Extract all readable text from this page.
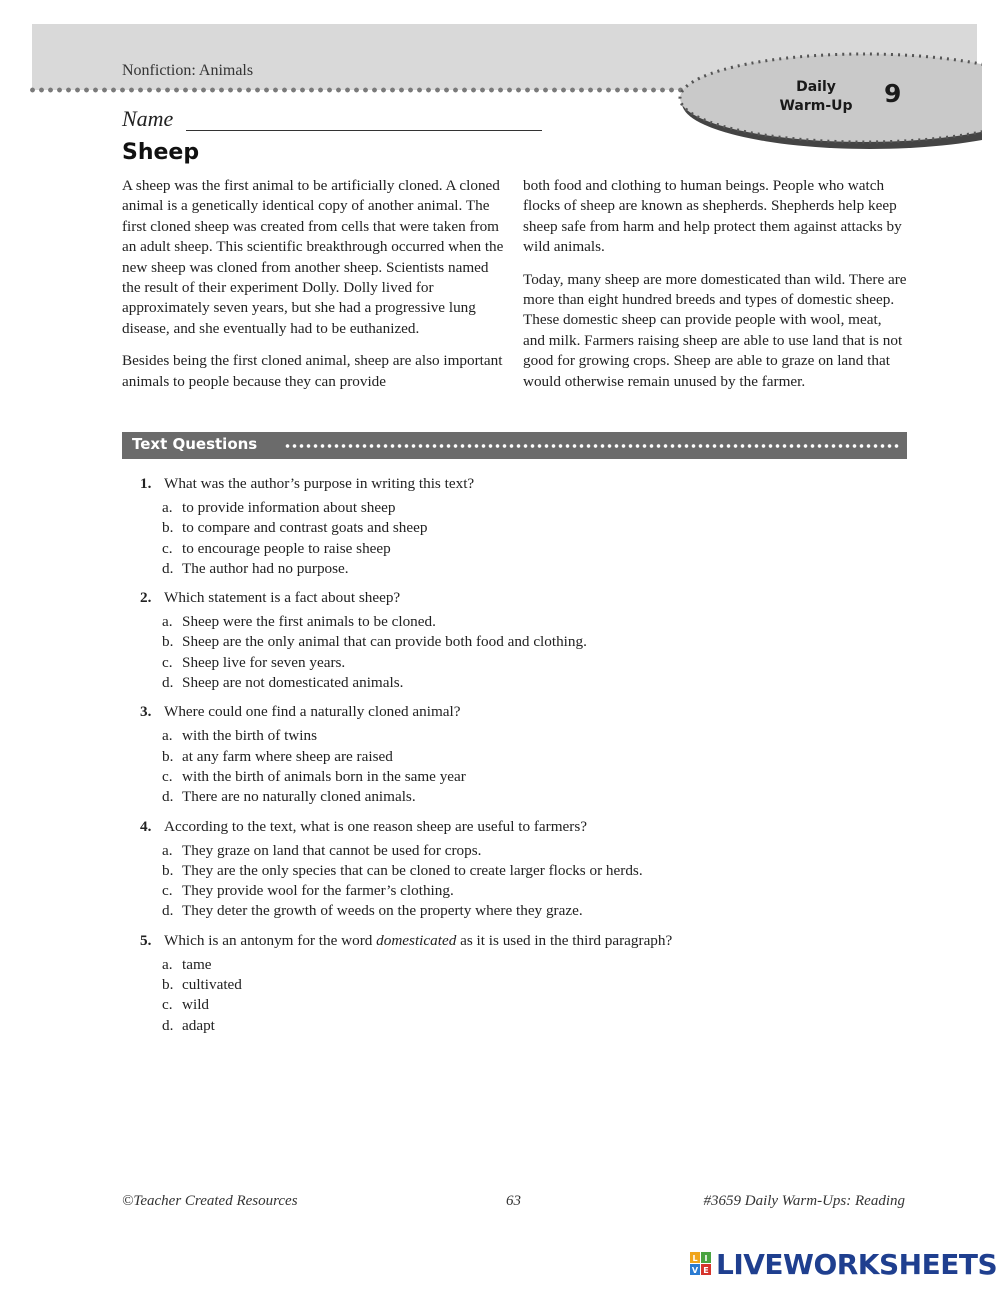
Nonfiction: Animals
Daily
Warm-Up	9
Name
Sheep

A sheep was the first animal to be artificially cloned. A cloned animal is a genetically identical copy of another animal. The first cloned sheep was created from cells that were taken from an adult sheep. This scientific breakthrough occurred when the new sheep was cloned from another sheep. Scientists named the result of their experiment Dolly. Dolly lived for approximately seven years, but she had a progressive lung disease, and she eventually had to be euthanized.

Besides being the first cloned animal, sheep are also important animals to people because they can provide

both food and clothing to human beings. People who watch flocks of sheep are known as shepherds. Shepherds help keep sheep safe from harm and help protect them against attacks by wild animals.

Today, many sheep are more domesticated than wild. There are more than eight hundred breeds and types of domestic sheep. These domestic sheep can provide people with wool, meat, and milk. Farmers raising sheep are able to use land that is not good for growing crops. Sheep are able to graze on land that would otherwise remain unused by the farmer.

Text Questions
1. What was the author’s purpose in writing this text?
a. to provide information about sheep
b. to compare and contrast goats and sheep
c. to encourage people to raise sheep
d. The author had no purpose.
2. Which statement is a fact about sheep?
a. Sheep were the first animals to be cloned.
b. Sheep are the only animal that can provide both food and clothing.
c. Sheep live for seven years.
d. Sheep are not domesticated animals.
3. Where could one find a naturally cloned animal?
a. with the birth of twins
b. at any farm where sheep are raised
c. with the birth of animals born in the same year
d. There are no naturally cloned animals.
4. According to the text, what is one reason sheep are useful to farmers?
a. They graze on land that cannot be used for crops.
b. They are the only species that can be cloned to create larger flocks or herds.
c. They provide wool for the farmer’s clothing.
d. They deter the growth of weeds on the property where they graze.
5. Which is an antonym for the word domesticated as it is used in the third paragraph?
a. tame
b. cultivated
c. wild
d. adapt
©Teacher Created Resources	63	#3659 Daily Warm-Ups: Reading
L I
V E LIVEWORKSHEETS
